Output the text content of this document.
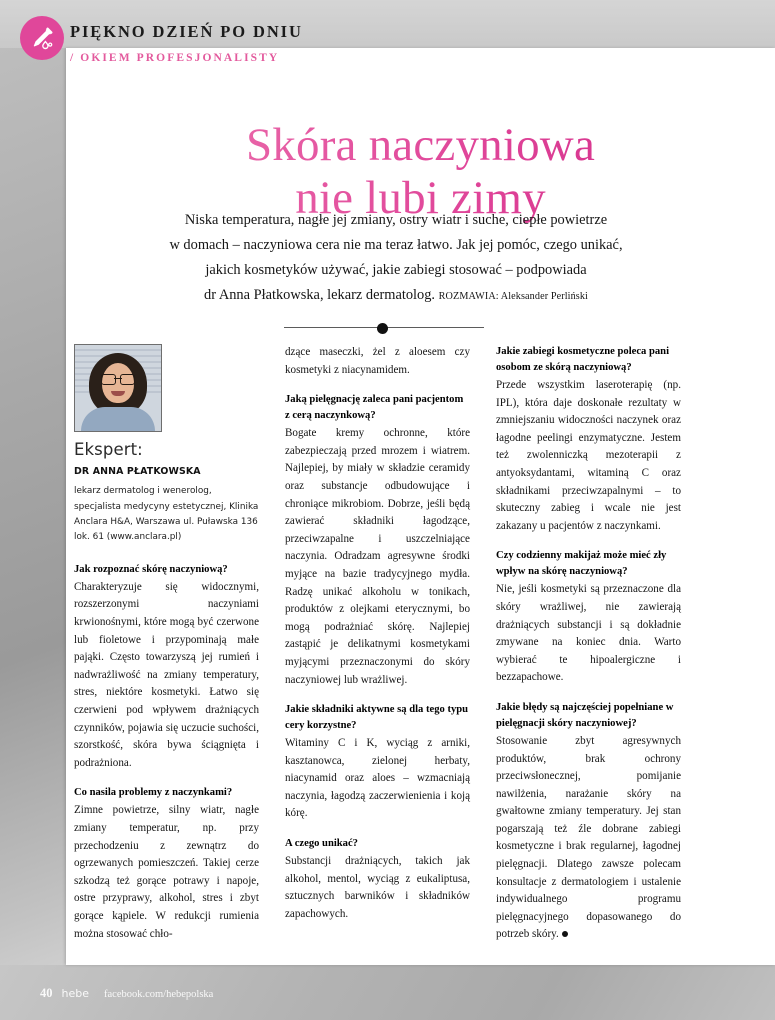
PIĘKNO DZIEŃ PO DNIU
/ OKIEM PROFESJONALISTY
Skóra naczyniowa
nie lubi zimy
Niska temperatura, nagłe jej zmiany, ostry wiatr i suche, ciepłe powietrze
w domach – naczyniowa cera nie ma teraz łatwo. Jak jej pomóc, czego unikać,
jakich kosmetyków używać, jakie zabiegi stosować – podpowiada
dr Anna Płatkowska, lekarz dermatolog. ROZMAWIA: Aleksander Perliński
Ekspert:
DR ANNA PŁATKOWSKA
lekarz dermatolog i wenerolog, specjalista medycyny estetycznej, Klinika Anclara H&A, Warszawa ul. Puławska 136 lok. 61 (www.anclara.pl)

Jak rozpoznać skórę naczyniową?

Charakteryzuje się widocznymi, rozszerzonymi naczyniami krwionośnymi, które mogą być czerwone lub fioletowe i przypominają małe pająki. Często towarzyszą jej rumień i nadwrażliwość na zmiany temperatury, stres, niektóre kosmetyki. Łatwo się czerwieni pod wpływem drażniących czynników, pojawia się uczucie suchości, szorstkość, skóra bywa ściągnięta i podrażniona.

Co nasila problemy z naczynkami?

Zimne powietrze, silny wiatr, nagłe zmiany temperatur, np. przy przechodzeniu z zewnątrz do ogrzewanych pomieszczeń. Takiej cerze szkodzą też gorące potrawy i napoje, ostre przyprawy, alkohol, stres i zbyt gorące kąpiele. W redukcji rumienia można stosować chło-

dzące maseczki, żel z aloesem czy kosmetyki z niacynamidem.

Jaką pielęgnację zaleca pani pacjentom z cerą naczynkową?

Bogate kremy ochronne, które zabezpieczają przed mrozem i wiatrem. Najlepiej, by miały w składzie ceramidy oraz substancje odbudowujące i chroniące mikrobiom. Dobrze, jeśli będą zawierać składniki łagodzące, przeciwzapalne i uszczelniające naczynia. Odradzam agresywne środki myjące na bazie tradycyjnego mydła. Radzę unikać alkoholu w tonikach, produktów z olejkami eterycznymi, bo mogą podrażniać skórę. Najlepiej zastąpić je delikatnymi kosmetykami myjącymi przeznaczonymi do skóry naczyniowej lub wrażliwej.

Jakie składniki aktywne są dla tego typu cery korzystne?

Witaminy C i K, wyciąg z arniki, kasztanowca, zielonej herbaty, niacynamid oraz aloes – wzmacniają naczynia, łagodzą zaczerwienienia i koją kórę.

A czego unikać?

Substancji drażniących, takich jak alkohol, mentol, wyciąg z eukaliptusa, sztucznych barwników i składników zapachowych.

Jakie zabiegi kosmetyczne poleca pani osobom ze skórą naczyniową?

Przede wszystkim laseroterapię (np. IPL), która daje doskonałe rezultaty w zmniejszaniu widoczności naczynek oraz łagodne peelingi enzymatyczne. Jestem też zwolenniczką mezoterapii z antyoksydantami, witaminą C oraz składnikami przeciwzapalnymi – to skuteczny zabieg i wcale nie jest zakazany u pacjentów z naczynkami.

Czy codzienny makijaż może mieć zły wpływ na skórę naczyniową?

Nie, jeśli kosmetyki są przeznaczone dla skóry wrażliwej, nie zawierają drażniących substancji i są dokładnie zmywane na koniec dnia. Warto wybierać te hipoalergiczne i bezzapachowe.

Jakie błędy są najczęściej popełniane w pielęgnacji skóry naczyniowej?

Stosowanie zbyt agresywnych produktów, brak ochrony przeciwsłonecznej, pomijanie nawilżenia, narażanie skóry na gwałtowne zmiany temperatury. Jej stan pogarszają też źle dobrane zabiegi kosmetyczne i brak regularnej, łagodnej pielęgnacji. Dlatego zawsze polecam konsultacje z dermatologiem i ustalenie indywidualnego programu pielęgnacyjnego dopasowanego do potrzeb skóry.

40 hebe facebook.com/hebepolska
